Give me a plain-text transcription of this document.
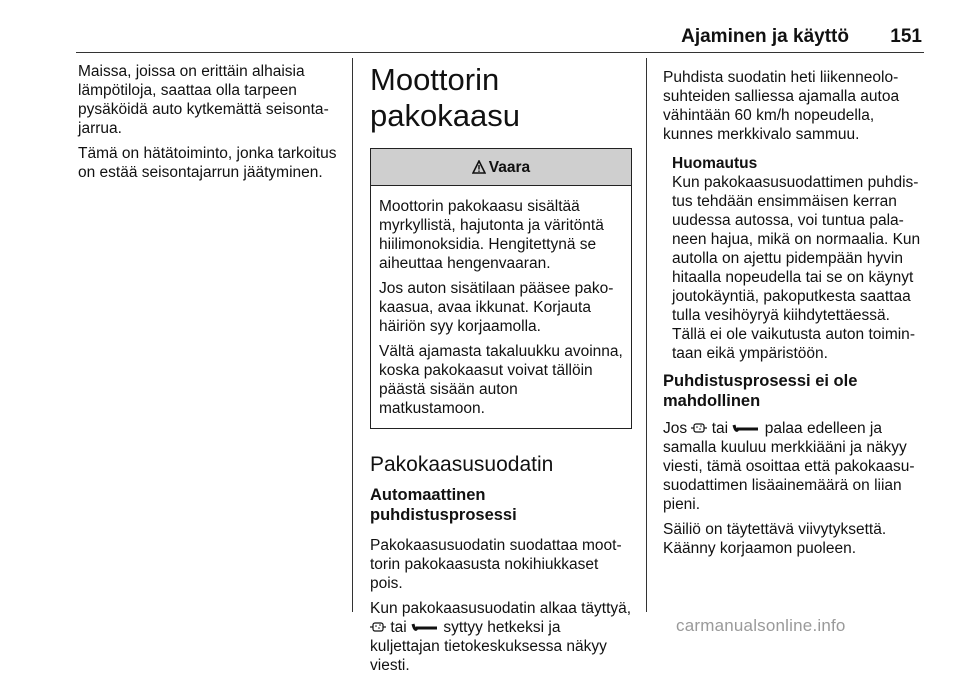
Ajaminen ja käyttö	151

Maissa, joissa on erittäin alhaisia lämpötiloja, saattaa olla tarpeen pysäköidä auto kytkemättä seisontajarrua.

Tämä on hätätoiminto, jonka tarkoitus on estää seisontajarrun jäätyminen.

Moottorin pakokaasu
Vaara

Moottorin pakokaasu sisältää myrkyllistä, hajutonta ja väritöntä hiilimonoksidia. Hengitettynä se aiheuttaa hengenvaaran.

Jos auton sisätilaan pääsee pakokaasua, avaa ikkunat. Korjauta häiriön syy korjaamolla.

Vältä ajamasta takaluukku avoinna, koska pakokaasut voivat tällöin päästä sisään auton matkustamoon.

Pakokaasusuodatin
Automaattinen puhdistusprosessi

Pakokaasusuodatin suodattaa moottorin pakokaasusta nokihiukkaset pois.

Kun pakokaasusuodatin alkaa täyttyä,  tai syttyy hetkeksi ja kuljettajan tietokeskuksessa näkyy viesti.

Puhdista suodatin heti liikenneolosuhteiden salliessa ajamalla autoa vähintään 60 km/h nopeudella, kunnes merkkivalo sammuu.

Huomautus
Kun pakokaasusuodattimen puhdistus tehdään ensimmäisen kerran uudessa autossa, voi tuntua palaneen hajua, mikä on normaalia. Kun autolla on ajettu pidempään hyvin hitaalla nopeudella tai se on käynyt joutokäyntiä, pakoputkesta saattaa tulla vesihöyryä kiihdytettäessä. Tällä ei ole vaikutusta auton toimintaan eikä ympäristöön.
Puhdistusprosessi ei ole mahdollinen

Jos tai palaa edelleen ja samalla kuuluu merkkiääni ja näkyy viesti, tämä osoittaa että pakokaasusuodattimen lisäainemäärä on liian pieni.

Säiliö on täytettävä viivytyksettä. Käänny korjaamon puoleen.

carmanualsonline.info
